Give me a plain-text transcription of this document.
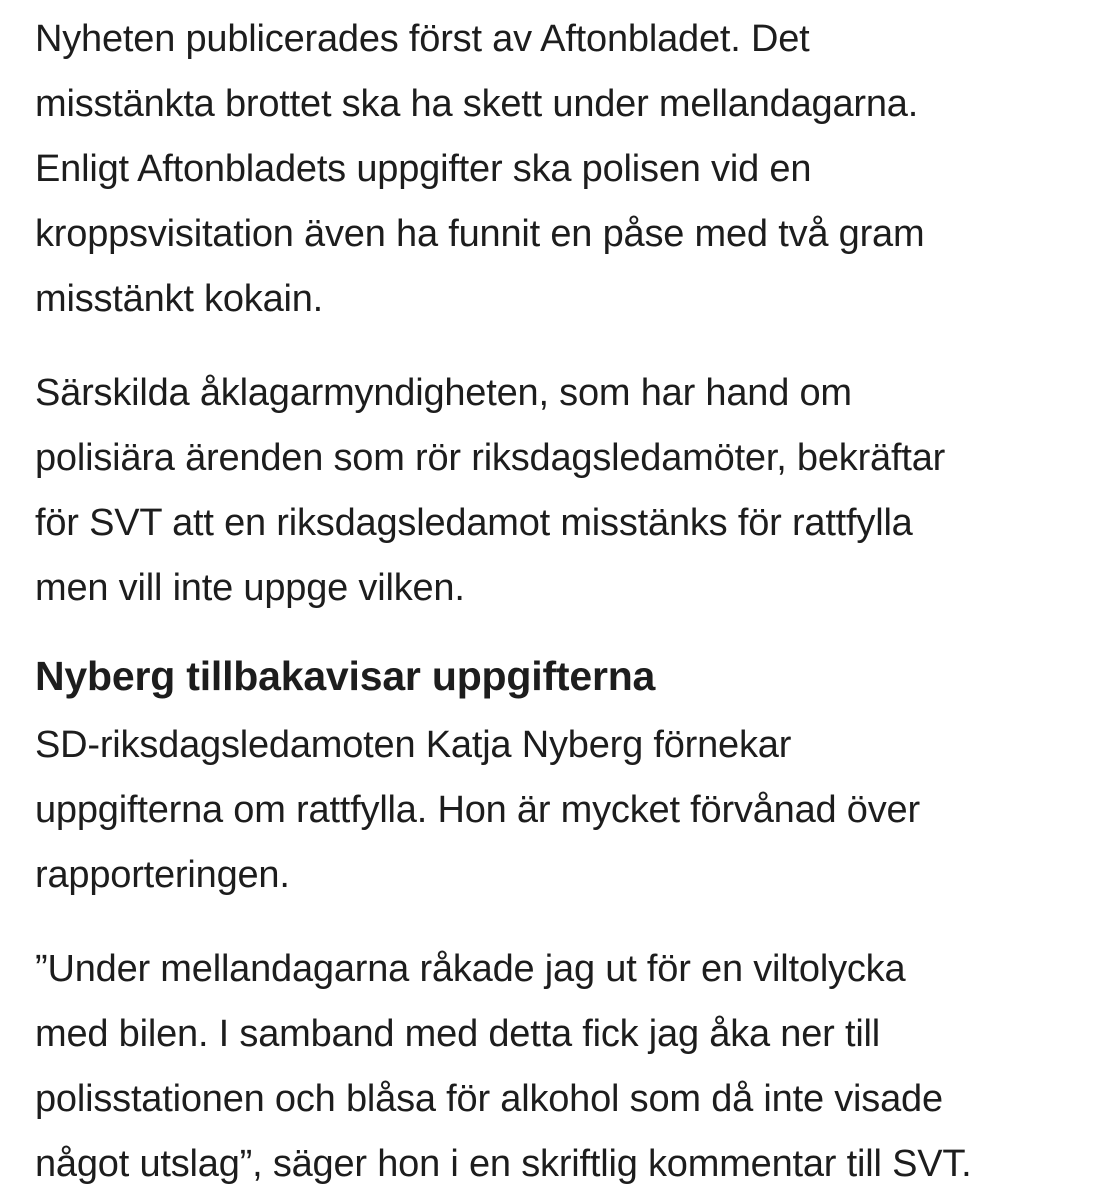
Nyheten publicerades först av Aftonbladet. Det
misstänkta brottet ska ha skett under mellandagarna.
Enligt Aftonbladets uppgifter ska polisen vid en
kroppsvisitation även ha funnit en påse med två gram
misstänkt kokain.

Särskilda åklagarmyndigheten, som har hand om
polisiära ärenden som rör riksdagsledamöter, bekräftar
för SVT att en riksdagsledamot misstänks för rattfylla
men vill inte uppge vilken.

Nyberg tillbakavisar uppgifterna

SD-riksdagsledamoten Katja Nyberg förnekar
uppgifterna om rattfylla. Hon är mycket förvånad över
rapporteringen.

”Under mellandagarna råkade jag ut för en viltolycka
med bilen. I samband med detta fick jag åka ner till
polisstationen och blåsa för alkohol som då inte visade
något utslag”, säger hon i en skriftlig kommentar till SVT.
